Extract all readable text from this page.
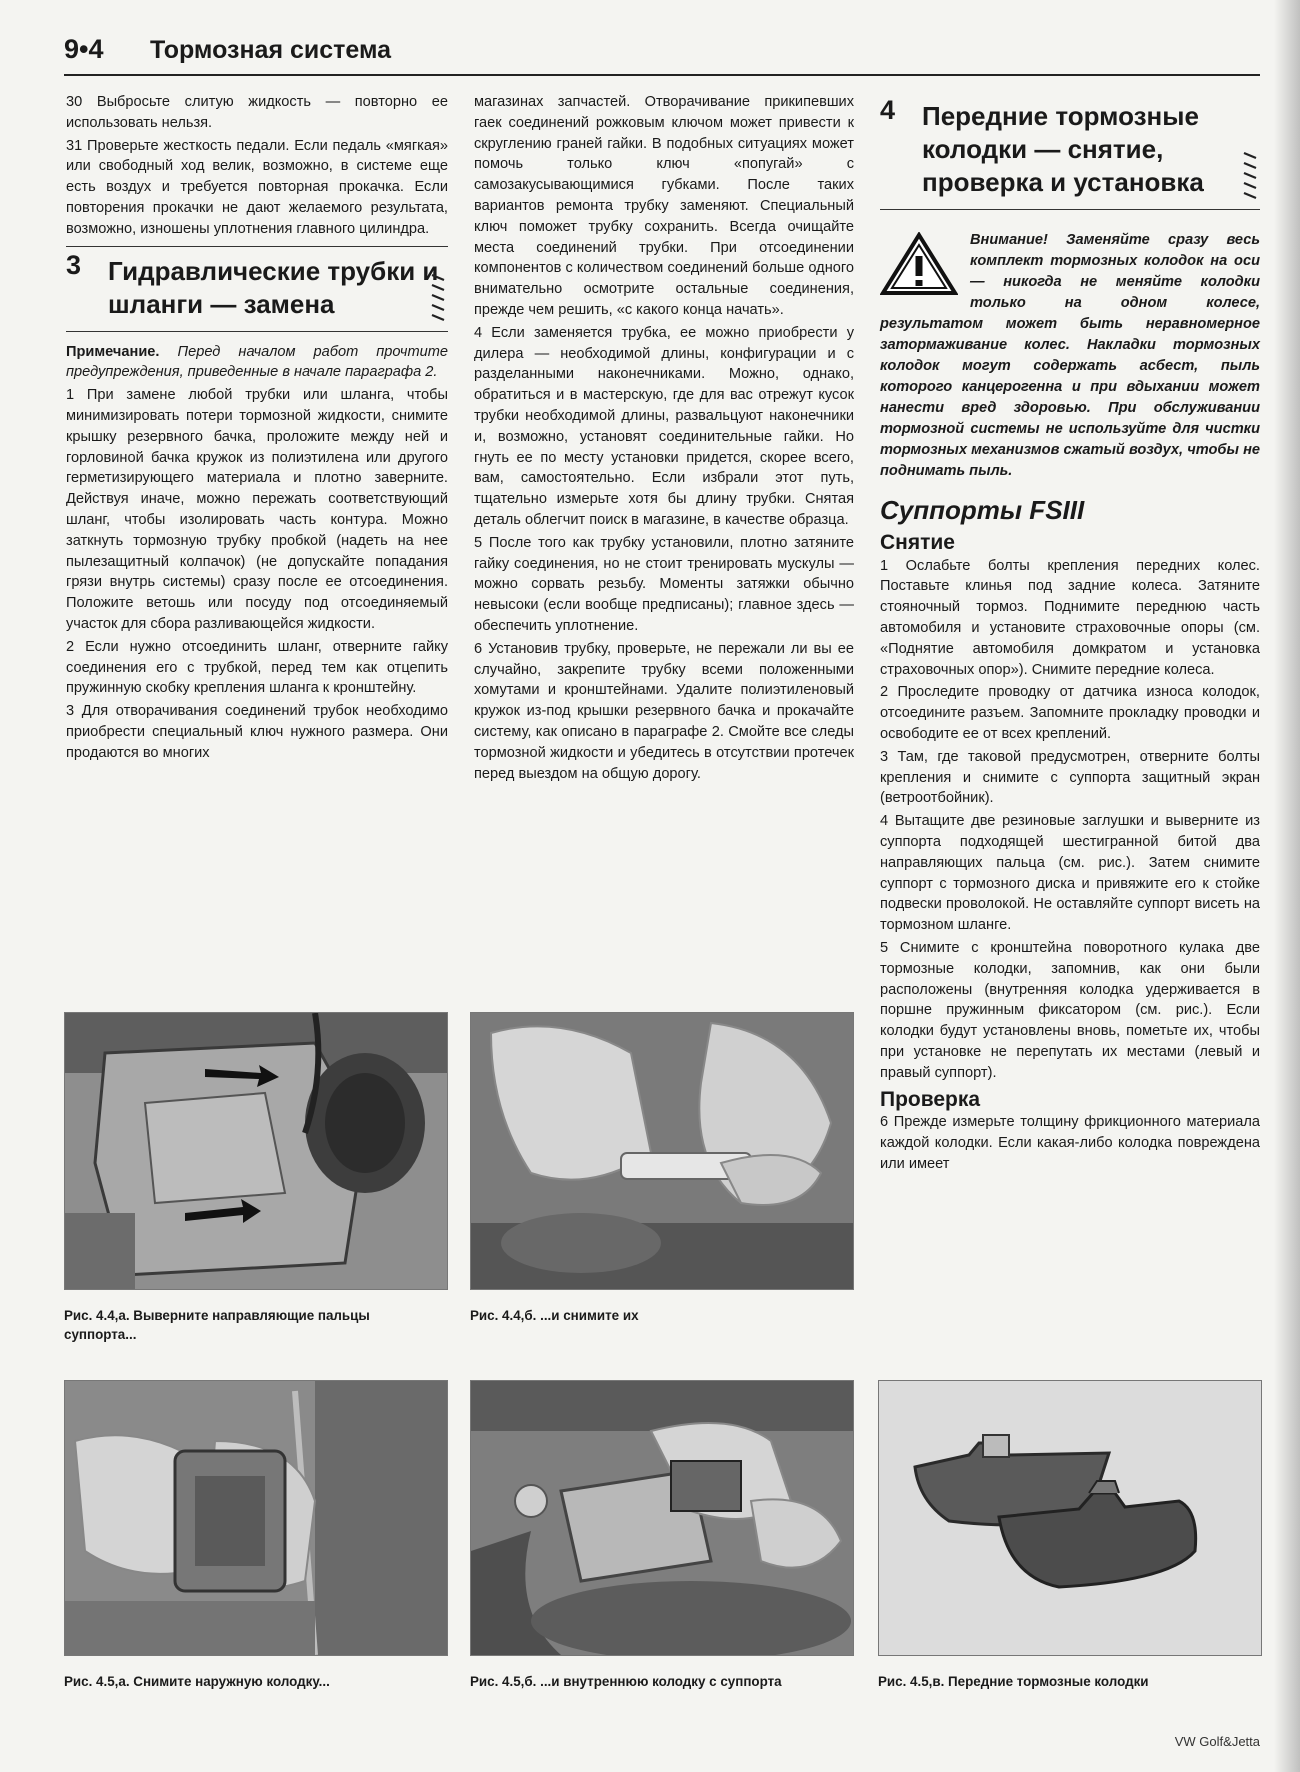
9•4 Тормозная система

30 Выбросьте слитую жидкость — повторно ее использовать нельзя.

31 Проверьте жесткость педали. Если педаль «мягкая» или свободный ход велик, возможно, в системе еще есть воздух и требуется повторная прокачка. Если повторения прокачки не дают желаемого результата, возможно, изношены уплотнения главного цилиндра.

3 Гидравлические трубки и шланги — замена

Примечание. Перед началом работ прочтите предупреждения, приведенные в начале параграфа 2.

1 При замене любой трубки или шланга, чтобы минимизировать потери тормозной жидкости, снимите крышку резервного бачка, проложите между ней и горловиной бачка кружок из полиэтилена или другого герметизирующего материала и плотно заверните. Действуя иначе, можно пережать соответствующий шланг, чтобы изолировать часть контура. Можно заткнуть тормозную трубку пробкой (надеть на нее пылезащитный колпачок) (не допускайте попадания грязи внутрь системы) сразу после ее отсоединения. Положите ветошь или посуду под отсоединяемый участок для сбора разливающейся жидкости.

2 Если нужно отсоединить шланг, отверните гайку соединения его с трубкой, перед тем как отцепить пружинную скобку крепления шланга к кронштейну.

3 Для отворачивания соединений трубок необходимо приобрести специальный ключ нужного размера. Они продаются во многих

магазинах запчастей. Отворачивание прикипевших гаек соединений рожковым ключом может привести к скруглению граней гайки. В подобных ситуациях может помочь только ключ «попугай» с самозакусывающимися губками. После таких вариантов ремонта трубку заменяют. Специальный ключ поможет трубку сохранить. Всегда очищайте места соединений трубки. При отсоединении компонентов с количеством соединений больше одного внимательно осмотрите остальные соединения, прежде чем решить, «с какого конца начать».

4 Если заменяется трубка, ее можно приобрести у дилера — необходимой длины, конфигурации и с разделанными наконечниками. Можно, однако, обратиться и в мастерскую, где для вас отрежут кусок трубки необходимой длины, развальцуют наконечники и, возможно, установят соединительные гайки. Но гнуть ее по месту установки придется, скорее всего, вам, самостоятельно. Если избрали этот путь, тщательно измерьте хотя бы длину трубки. Снятая деталь облегчит поиск в магазине, в качестве образца.

5 После того как трубку установили, плотно затяните гайку соединения, но не стоит тренировать мускулы — можно сорвать резьбу. Моменты затяжки обычно невысоки (если вообще предписаны); главное здесь — обеспечить уплотнение.

6 Установив трубку, проверьте, не пережали ли вы ее случайно, закрепите трубку всеми положенными хомутами и кронштейнами. Удалите полиэтиленовый кружок из-под крышки резервного бачка и прокачайте систему, как описано в параграфе 2. Смойте все следы тормозной жидкости и убедитесь в отсутствии протечек перед выездом на общую дорогу.

4 Передние тормозные колодки — снятие, проверка и установка
Внимание! Заменяйте сразу весь комплект тормозных колодок на оси — никогда не меняйте колодки только на одном колесе, результатом может быть неравномерное затормаживание колес. Накладки тормозных колодок могут содержать асбест, пыль которого канцерогенна и при вдыхании может нанести вред здоровью. При обслуживании тормозной системы не используйте для чистки тормозных механизмов сжатый воздух, чтобы не поднимать пыль.
Суппорты FSIII
Снятие

1 Ослабьте болты крепления передних колес. Поставьте клинья под задние колеса. Затяните стояночный тормоз. Поднимите переднюю часть автомобиля и установите страховочные опоры (см. «Поднятие автомобиля домкратом и установка страховочных опор»). Снимите передние колеса.

2 Проследите проводку от датчика износа колодок, отсоедините разъем. Запомните прокладку проводки и освободите ее от всех креплений.

3 Там, где таковой предусмотрен, отверните болты крепления и снимите с суппорта защитный экран (ветроотбойник).

4 Вытащите две резиновые заглушки и выверните из суппорта подходящей шестигранной битой два направляющих пальца (см. рис.). Затем снимите суппорт с тормозного диска и привяжите его к стойке подвески проволокой. Не оставляйте суппорт висеть на тормозном шланге.

5 Снимите с кронштейна поворотного кулака две тормозные колодки, запомнив, как они были расположены (внутренняя колодка удерживается в поршне пружинным фиксатором (см. рис.). Если колодки будут установлены вновь, пометьте их, чтобы при установке не перепутать их местами (левый и правый суппорт).

Проверка

6 Прежде измерьте толщину фрикционного материала каждой колодки. Если какая-либо колодка повреждена или имеет

Рис. 4.4,а. Выверните направляющие пальцы суппорта...
Рис. 4.4,б. ...и снимите их
Рис. 4.5,а. Снимите наружную колодку...	Рис. 4.5,б. ...и внутреннюю колодку с суппорта	Рис. 4.5,в. Передние тормозные колодки
VW Golf&Jetta
